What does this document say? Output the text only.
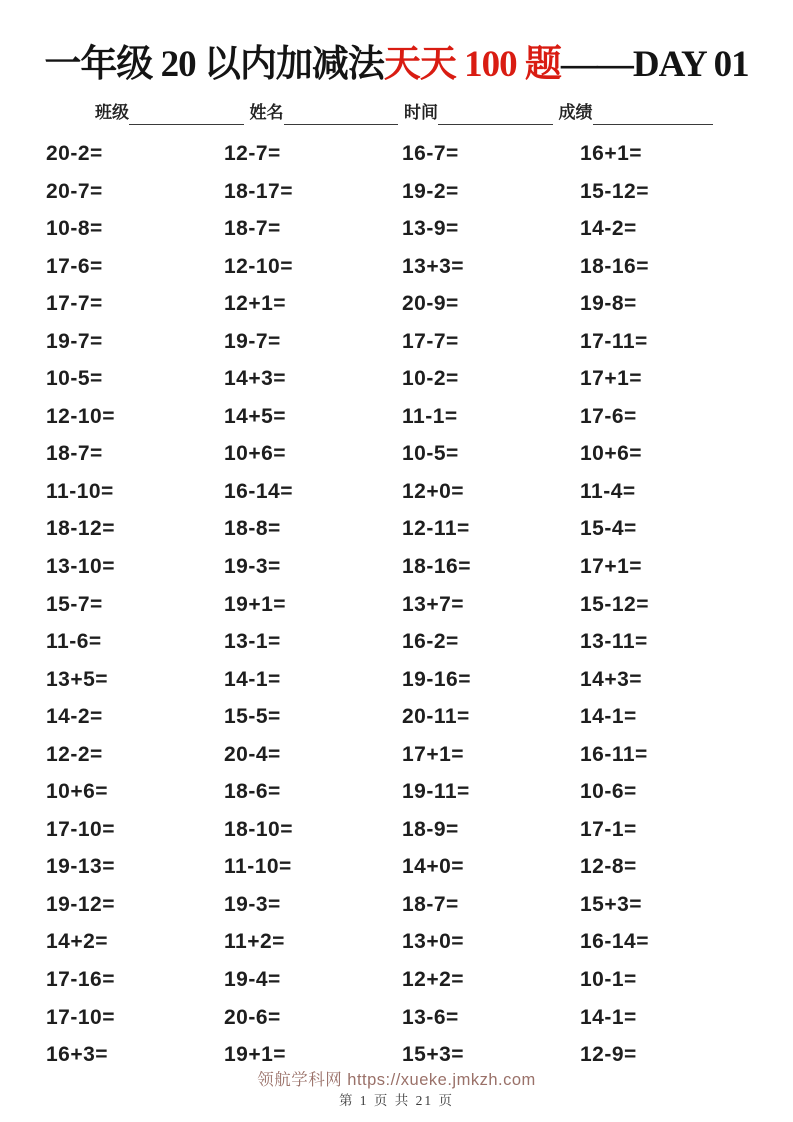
一年级 20 以内加减法天天 100 题——DAY 01
班级	姓名	时间	成绩
20-2=	12-7=	16-7=	16+1=
20-7=	18-17=	19-2=	15-12=
10-8=	18-7=	13-9=	14-2=
17-6=	12-10=	13+3=	18-16=
17-7=	12+1=	20-9=	19-8=
19-7=	19-7=	17-7=	17-11=
10-5=	14+3=	10-2=	17+1=
12-10=	14+5=	11-1=	17-6=
18-7=	10+6=	10-5=	10+6=
11-10=	16-14=	12+0=	11-4=
18-12=	18-8=	12-11=	15-4=
13-10=	19-3=	18-16=	17+1=
15-7=	19+1=	13+7=	15-12=
11-6=	13-1=	16-2=	13-11=
13+5=	14-1=	19-16=	14+3=
14-2=	15-5=	20-11=	14-1=
12-2=	20-4=	17+1=	16-11=
10+6=	18-6=	19-11=	10-6=
17-10=	18-10=	18-9=	17-1=
19-13=	11-10=	14+0=	12-8=
19-12=	19-3=	18-7=	15+3=
14+2=	11+2=	13+0=	16-14=
17-16=	19-4=	12+2=	10-1=
17-10=	20-6=	13-6=	14-1=
16+3=	19+1=	15+3=	12-9=
领航学科网 https://xueke.jmkzh.com
第 1 页 共 21 页
